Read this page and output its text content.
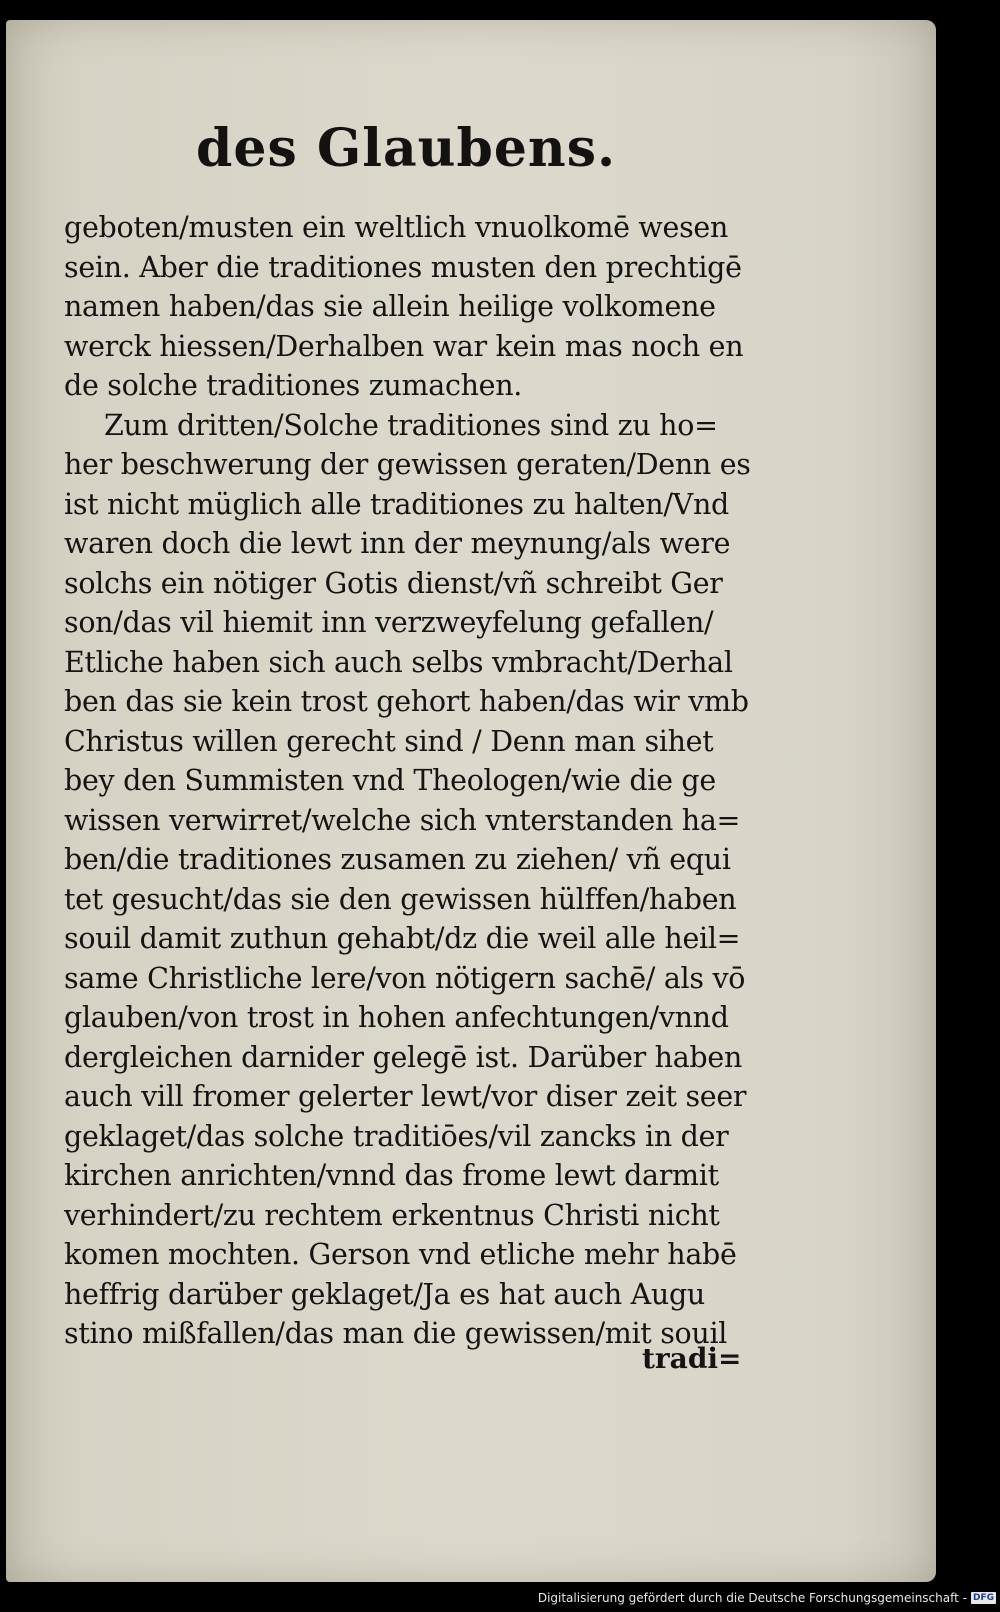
des Glaubens.
geboten/musten ein weltlich vnuolkomē wesen
sein. Aber die traditiones musten den prechtigē
namen haben/das sie allein heilige volkomene
werck hiessen/Derhalben war kein mas noch en
de solche traditiones zumachen.
Zum dritten/Solche traditiones sind zu ho=
her beschwerung der gewissen geraten/Denn es
ist nicht müglich alle traditiones zu halten/Vnd
waren doch die lewt inn der meynung/als were
solchs ein nötiger Gotis dienst/vñ schreibt Ger
son/das vil hiemit inn verzweyfelung gefallen/
Etliche haben sich auch selbs vmbracht/Derhal
ben das sie kein trost gehort haben/das wir vmb
Christus willen gerecht sind / Denn man sihet
bey den Summisten vnd Theologen/wie die ge
wissen verwirret/welche sich vnterstanden ha=
ben/die traditiones zusamen zu ziehen/ vñ equi
tet gesucht/das sie den gewissen hülffen/haben
souil damit zuthun gehabt/dz die weil alle heil=
same Christliche lere/von nötigern sachē/ als vō
glauben/von trost in hohen anfechtungen/vnnd
dergleichen darnider gelegē ist. Darüber haben
auch vill fromer gelerter lewt/vor diser zeit seer
geklaget/das solche traditiōes/vil zancks in der
kirchen anrichten/vnnd das frome lewt darmit
verhindert/zu rechtem erkentnus Christi nicht
komen mochten. Gerson vnd etliche mehr habē
heffrig darüber geklaget/Ja es hat auch Augu
stino mißfallen/das man die gewissen/mit souil
tradi=
Digitalisierung gefördert durch die Deutsche Forschungsgemeinschaft - DFG
